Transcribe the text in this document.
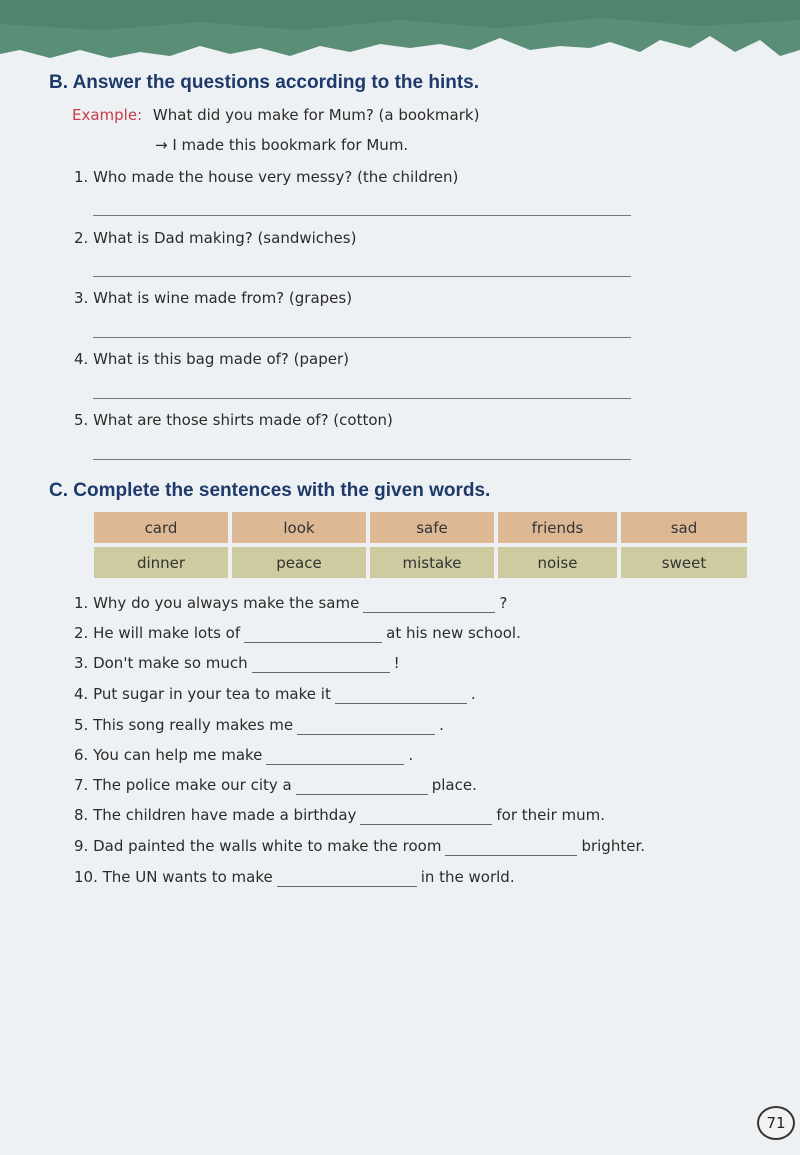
B. Answer the questions according to the hints.
Example: What did you make for Mum? (a bookmark)
→ I made this bookmark for Mum.
1. Who made the house very messy? (the children)
2. What is Dad making? (sandwiches)
3. What is wine made from? (grapes)
4. What is this bag made of? (paper)
5. What are those shirts made of? (cotton)
C. Complete the sentences with the given words.
card	look	safe	friends	sad
dinner	peace	mistake	noise	sweet
1. Why do you always make the same	?
2. He will make lots of	at his new school.
3. Don't make so much	!
4. Put sugar in your tea to make it	.
5. This song really makes me	.
6. You can help me make	.
7. The police make our city a	place.
8. The children have made a birthday	for their mum.
9. Dad painted the walls white to make the room	brighter.
10. The UN wants to make	in the world.
71
